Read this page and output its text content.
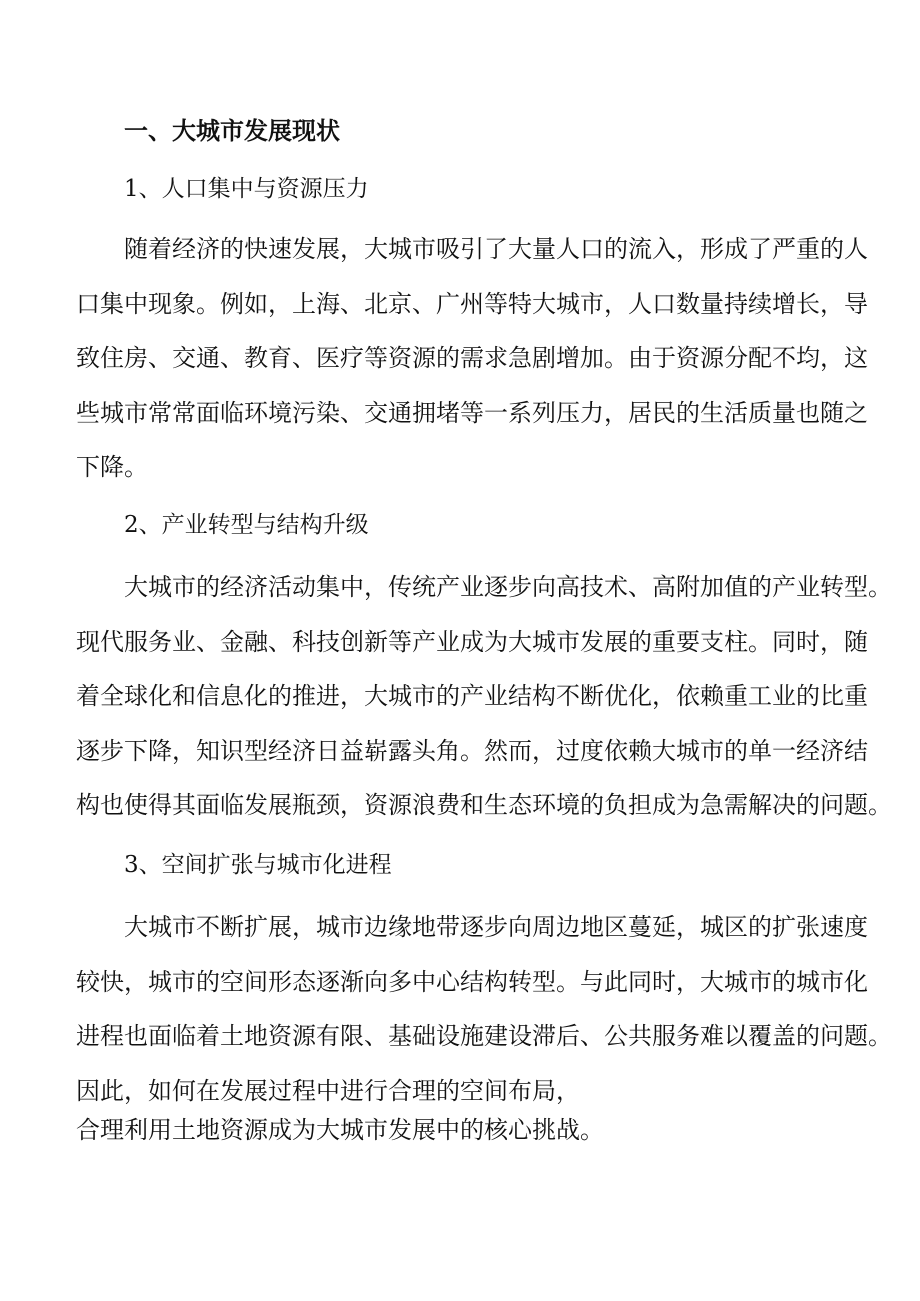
一、大城市发展现状
1、人口集中与资源压力
随着经济的快速发展，大城市吸引了大量人口的流入，形成了严重的人
口集中现象。例如，上海、北京、广州等特大城市，人口数量持续增长，导
致住房、交通、教育、医疗等资源的需求急剧增加。由于资源分配不均，这
些城市常常面临环境污染、交通拥堵等一系列压力，居民的生活质量也随之
下降。
2、产业转型与结构升级
大城市的经济活动集中，传统产业逐步向高技术、高附加值的产业转型。
现代服务业、金融、科技创新等产业成为大城市发展的重要支柱。同时，随
着全球化和信息化的推进，大城市的产业结构不断优化，依赖重工业的比重
逐步下降，知识型经济日益崭露头角。然而，过度依赖大城市的单一经济结
构也使得其面临发展瓶颈，资源浪费和生态环境的负担成为急需解决的问题。
3、空间扩张与城市化进程
大城市不断扩展，城市边缘地带逐步向周边地区蔓延，城区的扩张速度
较快，城市的空间形态逐渐向多中心结构转型。与此同时，大城市的城市化
进程也面临着土地资源有限、基础设施建设滞后、公共服务难以覆盖的问题。
因此，如何在发展过程中进行合理的空间布局，
合理利用土地资源成为大城市发展中的核心挑战。
